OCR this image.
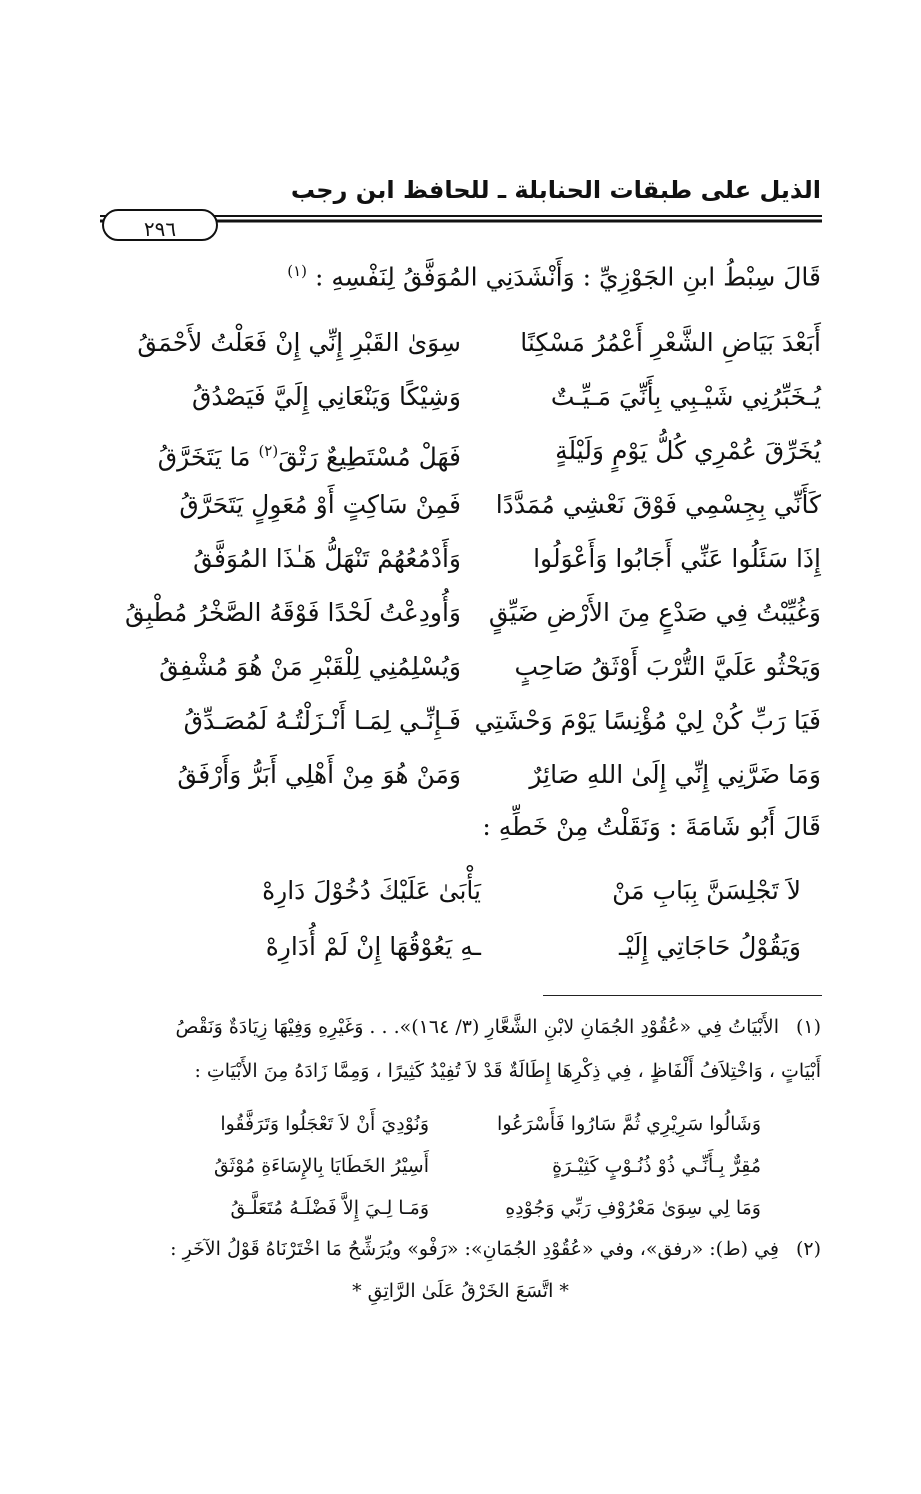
الذيل على طبقات الحنابلة ـ للحافظ ابن رجب
٢٩٦
قَالَ سِبْطُ ابنِ الجَوْزِيِّ : وَأَنْشَدَنِي المُوَفَّقُ لِنَفْسِهِ : $^{(١)}$
أَبَعْدَ بَيَاضِ الشَّعْرِ أَعْمُرُ مَسْكِنًا
سِوَىٰ القَبْرِ إِنِّي إِنْ فَعَلْتُ لأَحْمَقُ
يُـخَبِّرُنِي شَيْـبِي بِأَنِّيَ مَـيِّـتٌ
وَشِيْكًا وَيَنْعَانِي إِلَيَّ فَيَصْدُقُ
يُخَرِّقَ عُمْرِي كُلُّ يَوْمٍ وَلَيْلَةٍ
فَهَلْ مُسْتَطِيعٌ رَتْقَ$^{(٢)}$ مَا يَتَخَرَّقُ
كَأَنِّي بِجِسْمِي فَوْقَ نَعْشِي مُمَدَّدًا
فَمِنْ سَاكِتٍ أَوْ مُعَوِلٍ يَتَحَرَّقُ
إِذَا سَئَلُوا عَنِّي أَجَابُوا وَأَعْوَلُوا
وَأَدْمُعُهُمْ تَنْهَلُّ هَـٰذَا المُوَفَّقُ
وَغُيِّبْتُ فِي صَدْعٍ مِنَ الأَرْضِ ضَيِّقٍ
وَأُودِعْتُ لَحْدًا فَوْقَهُ الصَّخْرُ مُطْبِقُ
وَيَحْثُو عَلَيَّ التُّرْبَ أَوْثَقُ صَاحِبٍ
وَيُسْلِمُنِي لِلْقَبْرِ مَنْ هُوَ مُشْفِقُ
فَيَا رَبِّ كُنْ لِيْ مُؤْنِسًا يَوْمَ وَحْشَتِي
فَـإِنِّـي لِمَـا أَنْـزَلْتُـهُ لَمُصَـدِّقُ
وَمَا ضَرَّنِي إِنِّي إِلَىٰ اللهِ صَائِرٌ
وَمَنْ هُوَ مِنْ أَهْلِي أَبَرُّ وَأَرْفَقُ
قَالَ أَبُو شَامَةَ : وَنَقَلْتُ مِنْ خَطِّهِ :
لاَ تَجْلِسَنَّ بِبَابِ مَنْ
يَأْبَىٰ عَلَيْكَ دُخُوْلَ دَارِهْ
وَيَقُوْلُ حَاجَاتِي إِلَيْـ
ـهِ يَعُوْقُهَا إِنْ لَمْ أُدَارِهْ
(١)
الأَبْيَاتُ فِي «عُقُوْدِ الجُمَانِ لابْنِ الشَّعَّارِ (٣/ ١٦٤)». . . وَغَيْرِهِ وَفِيْهَا زِيَادَةٌ وَنَقْصُ
أَبْيَاتٍ ، وَاخْتِلاَفُ أَلْفَاظٍ ، فِي ذِكْرِهَا إِطَالَةٌ قَدْ لاَ تُفِيْدُ كَثِيرًا ، وَمِمَّا زَادَهُ مِنَ الأَبْيَاتِ :
وَشَالُوا سَرِيْرِي ثُمَّ سَارُوا فَأَسْرَعُوا
وَنُوْدِيَ أَنْ لاَ تَعْجَلُوا وَتَرَفَّقُوا
مُقِرٌّ بِـأَنِّـي ذُوْ ذُنُـوْبٍ كَثِيْـرَةٍ
أَسِيْرُ الخَطَايَا بِالإِسَاءَةِ مُوْثَقُ
وَمَا لِي سِوَىٰ مَعْرُوْفِ رَبِّي وَجُوْدِهِ
وَمَـا لِـيَ إِلاَّ فَضْلَـهُ مُتَعَلَّـقُ
(٢)
فِي (ط): «رفق»، وفي «عُقُوْدِ الجُمَانِ»: «رَفْو» ويُرَشِّحُ مَا اخْتَرْنَاهُ قَوْلُ الآخَرِ :
* اتَّسَعَ الخَرْقُ عَلَىٰ الرَّاتِقِ *
